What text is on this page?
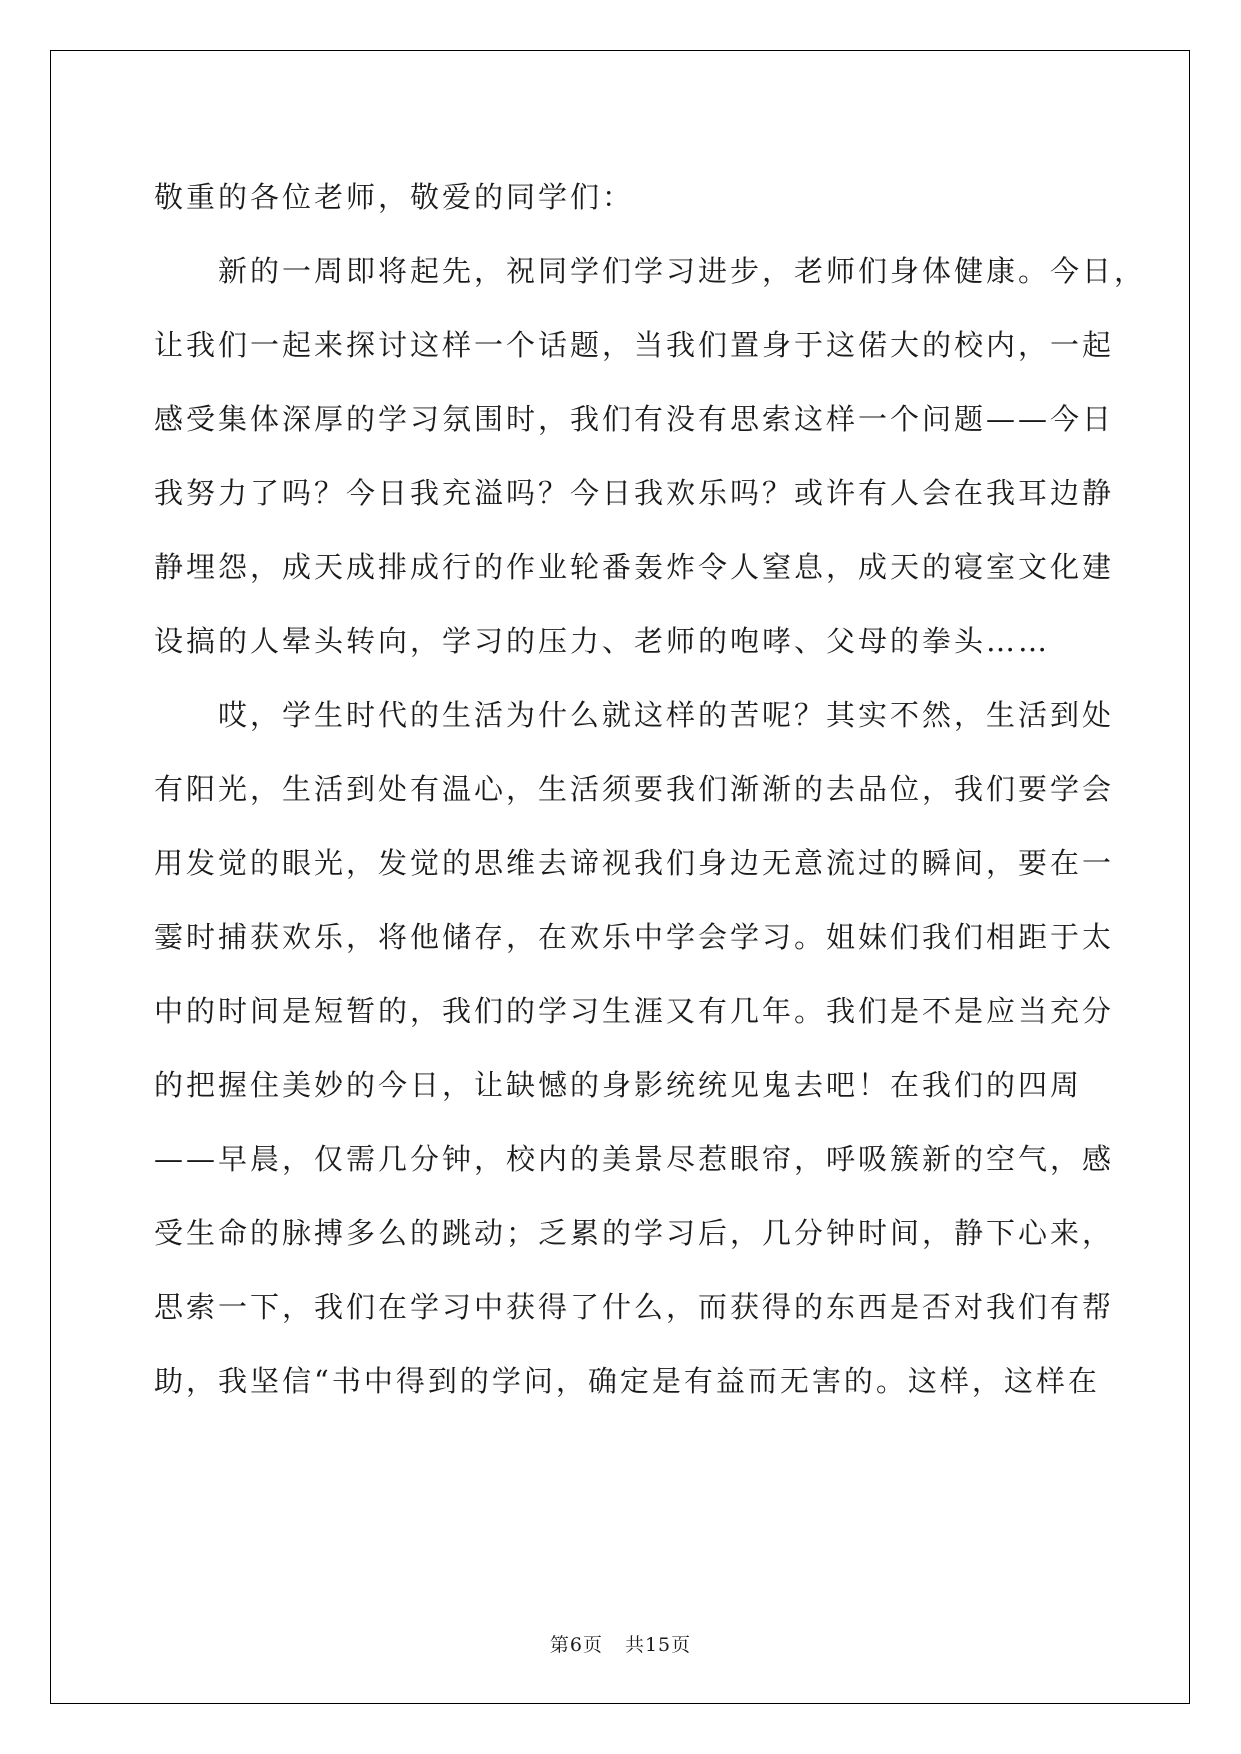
敬重的各位老师，敬爱的同学们：
　　新的一周即将起先，祝同学们学习进步，老师们身体健康。今日，
让我们一起来探讨这样一个话题，当我们置身于这偌大的校内，一起
感受集体深厚的学习氛围时，我们有没有思索这样一个问题——今日
我努力了吗？今日我充溢吗？今日我欢乐吗？或许有人会在我耳边静
静埋怨，成天成排成行的作业轮番轰炸令人窒息，成天的寝室文化建
设搞的人晕头转向，学习的压力、老师的咆哮、父母的拳头……
　　哎，学生时代的生活为什么就这样的苦呢？其实不然，生活到处
有阳光，生活到处有温心，生活须要我们渐渐的去品位，我们要学会
用发觉的眼光，发觉的思维去谛视我们身边无意流过的瞬间，要在一
霎时捕获欢乐，将他储存，在欢乐中学会学习。姐妹们我们相距于太
中的时间是短暂的，我们的学习生涯又有几年。我们是不是应当充分
的把握住美妙的今日，让缺憾的身影统统见鬼去吧！在我们的四周
——早晨，仅需几分钟，校内的美景尽惹眼帘，呼吸簇新的空气，感
受生命的脉搏多么的跳动；乏累的学习后，几分钟时间，静下心来，
思索一下，我们在学习中获得了什么，而获得的东西是否对我们有帮
助，我坚信“书中得到的学问，确定是有益而无害的。这样，这样在
第6页 共15页
